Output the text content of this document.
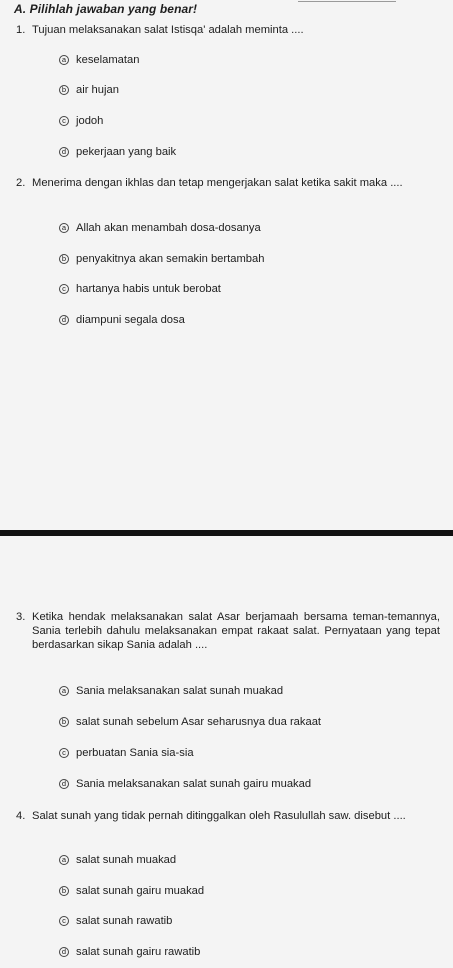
A. Pilihlah jawaban yang benar!
1. Tujuan melaksanakan salat Istisqa' adalah meminta ....
a keselamatan
b air hujan
c jodoh
d pekerjaan yang baik
2. Menerima dengan ikhlas dan tetap mengerjakan salat ketika sakit maka ....
a Allah akan menambah dosa-dosanya
b penyakitnya akan semakin bertambah
c hartanya habis untuk berobat
d diampuni segala dosa
3. Ketika hendak melaksanakan salat Asar berjamaah bersama teman-temannya, Sania terlebih dahulu melaksanakan empat rakaat salat. Pernyataan yang tepat berdasarkan sikap Sania adalah ....
a Sania melaksanakan salat sunah muakad
b salat sunah sebelum Asar seharusnya dua rakaat
c perbuatan Sania sia-sia
d Sania melaksanakan salat sunah gairu muakad
4. Salat sunah yang tidak pernah ditinggalkan oleh Rasulullah saw. disebut ....
a salat sunah muakad
b salat sunah gairu muakad
c salat sunah rawatib
d salat sunah gairu rawatib
